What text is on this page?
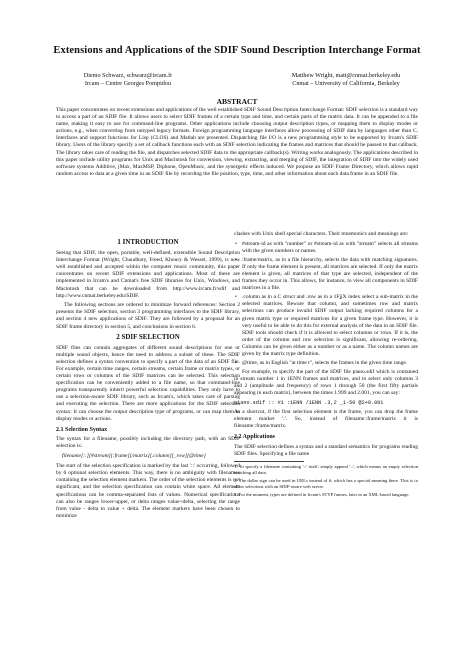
Extensions and Applications of the SDIF Sound Description Interchange Format
Diemo Schwarz, schwarz@ircam.fr
Ircam – Centre Georges Pompidou
Matthew Wright, matt@cnmat.berkeley.edu
Cnmat – University of California, Berkeley
ABSTRACT
This paper concentrates on recent extensions and applications of the well established SDIF Sound Description Interchange Format: SDIF selection is a standard way to access a part of an SDIF file. It allows users to select SDIF frames of a certain type and time, and certain parts of the matrix data. It can be appended to a file name, making it easy to use for command-line programs. Other applications include choosing output description types, or mapping them to display modes or actions, e.g., when converting from untyped legacy formats. Foreign programming language interfaces allow processing of SDIF data by languages other than C. Interfaces and support functions for Lisp (CLOS) and Matlab are presented. Dispatching file I/O is a new programming style to be supported by Ircam's SDIF library. Users of the library specify a set of callback functions each with an SDIF selection indicating the frames and matrices that should be passed to that callback. The library takes care of reading the file, and dispatches selected SDIF data to the appropriate callback(s). Writing works analogously. The applications described in this paper include utility programs for Unix and Macintosh for conversion, viewing, extracting, and merging of SDIF, the integration of SDIF into the widely used software systems Additive, jMax, MaxMSP, Diphone, OpenMusic, and the synergetic effects induced. We propose an SDIF Frame Directory, which allows rapid random access to data at a given time in an SDIF file by recording the file position, type, time, and other information about each data frame in an SDIF file.
1 INTRODUCTION

Seeing that SDIF, the open, portable, well-defined, extensible Sound Description Interchange Format (Wright, Chaudhary, Freed, Khoury & Wessel, 1999), is now well established and accepted within the computer music community, this paper concentrates on recent SDIF extensions and applications. Most of these are implemented in Ircam's and Cnmat's free SDIF libraries for Unix, Windows, and Macintosh that can be downloaded from http://www.ircam.fr/sdif and http://www.cnmat.berkeley.edu/SDIF.

The following sections are ordered to minimize forward references: Section 2 presents the SDIF selection, section 3 programming interfaces to the SDIF library, and section 4 new applications of SDIF. They are followed by a proposal for an SDIF frame directory in section 5, and conclusions in section 6.

2 SDIF SELECTION

SDIF files can contain aggregates of different sound descriptions for one or multiple sound objects, hence the need to address a subset of these. The SDIF selection defines a syntax convention to specify a part of the data of an SDIF file. For example, certain time ranges, certain streams, certain frame or matrix types, or certain rows or columns of the SDIF matrices can be selected. This selection specification can be conveniently added to a file name, so that command-line programs transparently inherit powerful selection capabilities. They only have to use a selection-aware SDIF library, such as Ircam's, which takes care of parsing and executing the selection. There are more applications for the SDIF selection syntax: It can choose the output description type of programs, or can map them to display modes or actions.

2.1 Selection Syntax

The syntax for a filename, possibly including the directory path, with an SDIF selection is:

filename[::][#stream][:frame][/matrix][.column][_row][@time]

The start of the selection specification is marked by the last '::' occurring, followed by 6 optional selection elements. This way, there is no ambiguity with filenames containing the selection element markers. The order of the selection elements is not significant, and the selection specification can contain white space. All element specifications can be comma-separated lists of values. Numerical specifications can also be ranges lower-upper, or delta ranges value+delta, selecting the range from value - delta to value + delta. The element markers have been chosen to minimize

clashes with Unix shell special characters. Their mnemonics and meanings are:

• #stream-id as with "number" or #stream-id as with "stream" selects all streams with the given numbers or names.
• :frame/matrix, as in a file hierarchy, selects the data with matching signatures. If only the frame element is present, all matrices are selected. If only the matrix element is given, all matrices of that type are selected, independent of the frames they occur in. This allows, for instance, to view all components in SDIF matrices in a file.
• .column as in a C struct and .row as in a 1FjjX index select a sub-matrix in the selected matrices. Beware that column, and sometimes row and matrix selections can produce invalid SDIF output lacking required columns for a given matrix type or required matrices for a given frame type. However, it is very useful to be able to do this for external analysis of the data in an SDIF file. SDIF tools should check if it is allowed to select columns or rows. If it is, the order of the column and row selection is significant, allowing re-ordering. Columns can be given either as a number or as a name. The column names are given by the matrix type definition.
• @time, as in English "at time t", selects the frames in the given time range.

For example, to specify the part of the SDIF file piano.sdif which is contained in stream number 1 in 1ENN frames and matrices, and to select only columns 3 and 2 (amplitude and frequency) of rows 1 through 50 (the first fifty partials appearing in each matrix), between the times 1.999 and 2.001, you can say:

piano.sdif :: #1 :1ENN /1ENN .3,2 _1-50 @2+0.001

As a shortcut, if the first selection element is the frame, you can drop the frame element marker ':'. So, instead of filename::frame/matrix it is filename::frame/matrix.

2.2 Applications

The SDIF selection defines a syntax and a standard semantics for programs reading SDIF files. Specifying a file name

1. To specify a filename containing '::' itself, simply append '::', which means an empty selection matching all data.

2. The dollar sign can be used in URLs instead of #, which has a special meaning there. This is to allow selections with an SDIF-aware web server.

3. For the moment, types are defined in Ircam's STYP frames, later in an XML-based language.
